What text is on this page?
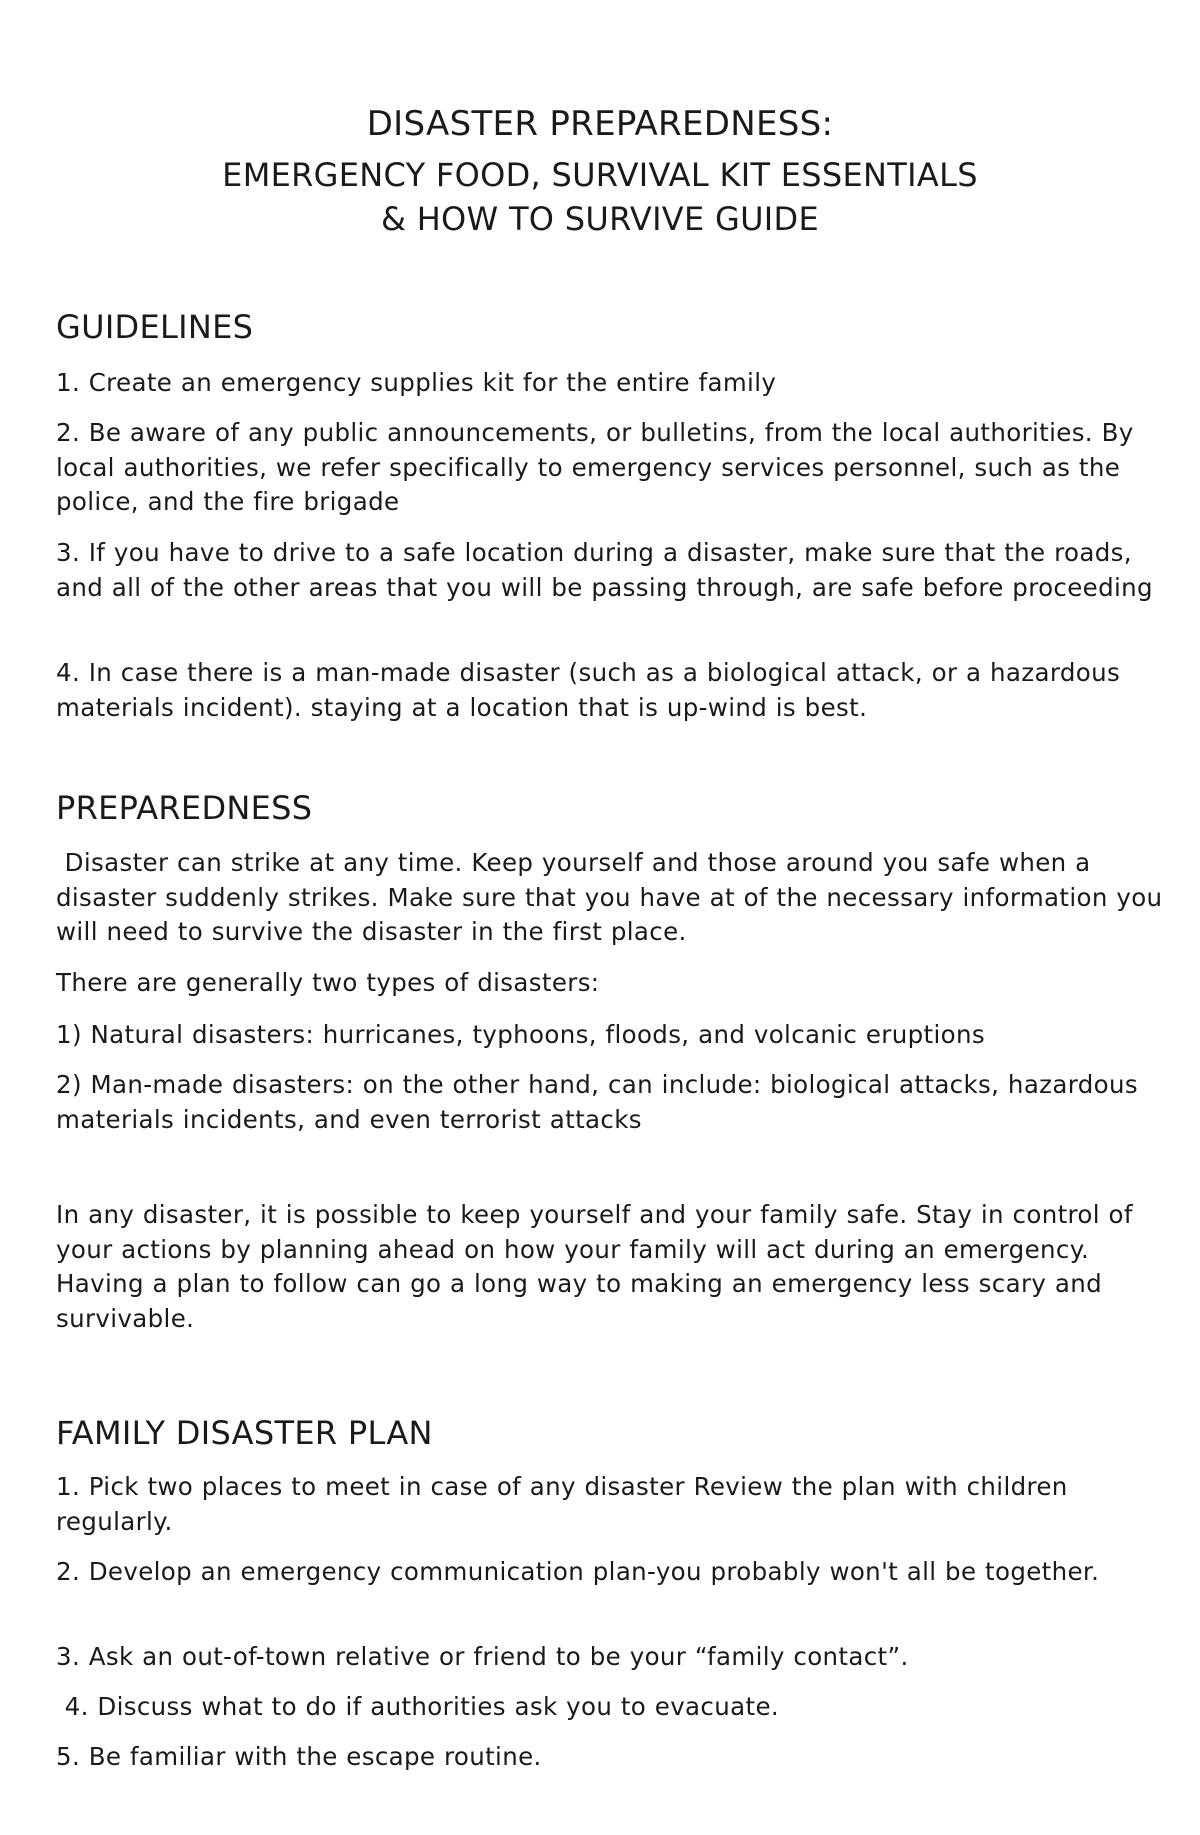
DISASTER PREPAREDNESS:
EMERGENCY FOOD, SURVIVAL KIT ESSENTIALS
& HOW TO SURVIVE GUIDE
GUIDELINES
1. Create an emergency supplies kit for the entire family
2. Be aware of any public announcements, or bulletins, from the local authorities. By local authorities, we refer specifically to emergency services personnel, such as the police, and the fire brigade
3. If you have to drive to a safe location during a disaster, make sure that the roads, and all of the other areas that you will be passing through, are safe before proceeding
4. In case there is a man-made disaster (such as a biological attack, or a hazardous materials incident). staying at a location that is up-wind is best.
PREPAREDNESS
Disaster can strike at any time. Keep yourself and those around you safe when a disaster suddenly strikes. Make sure that you have at of the necessary information you will need to survive the disaster in the first place.
There are generally two types of disasters:
1) Natural disasters: hurricanes, typhoons, floods, and volcanic eruptions
2) Man-made disasters: on the other hand, can include: biological attacks, hazardous materials incidents, and even terrorist attacks
In any disaster, it is possible to keep yourself and your family safe. Stay in control of your actions by planning ahead on how your family will act during an emergency. Having a plan to follow can go a long way to making an emergency less scary and survivable.
FAMILY DISASTER PLAN
1. Pick two places to meet in case of any disaster Review the plan with children regularly.
2. Develop an emergency communication plan-you probably won't all be together.
3. Ask an out-of-town relative or friend to be your “family contact”.
4. Discuss what to do if authorities ask you to evacuate.
5. Be familiar with the escape routine.
